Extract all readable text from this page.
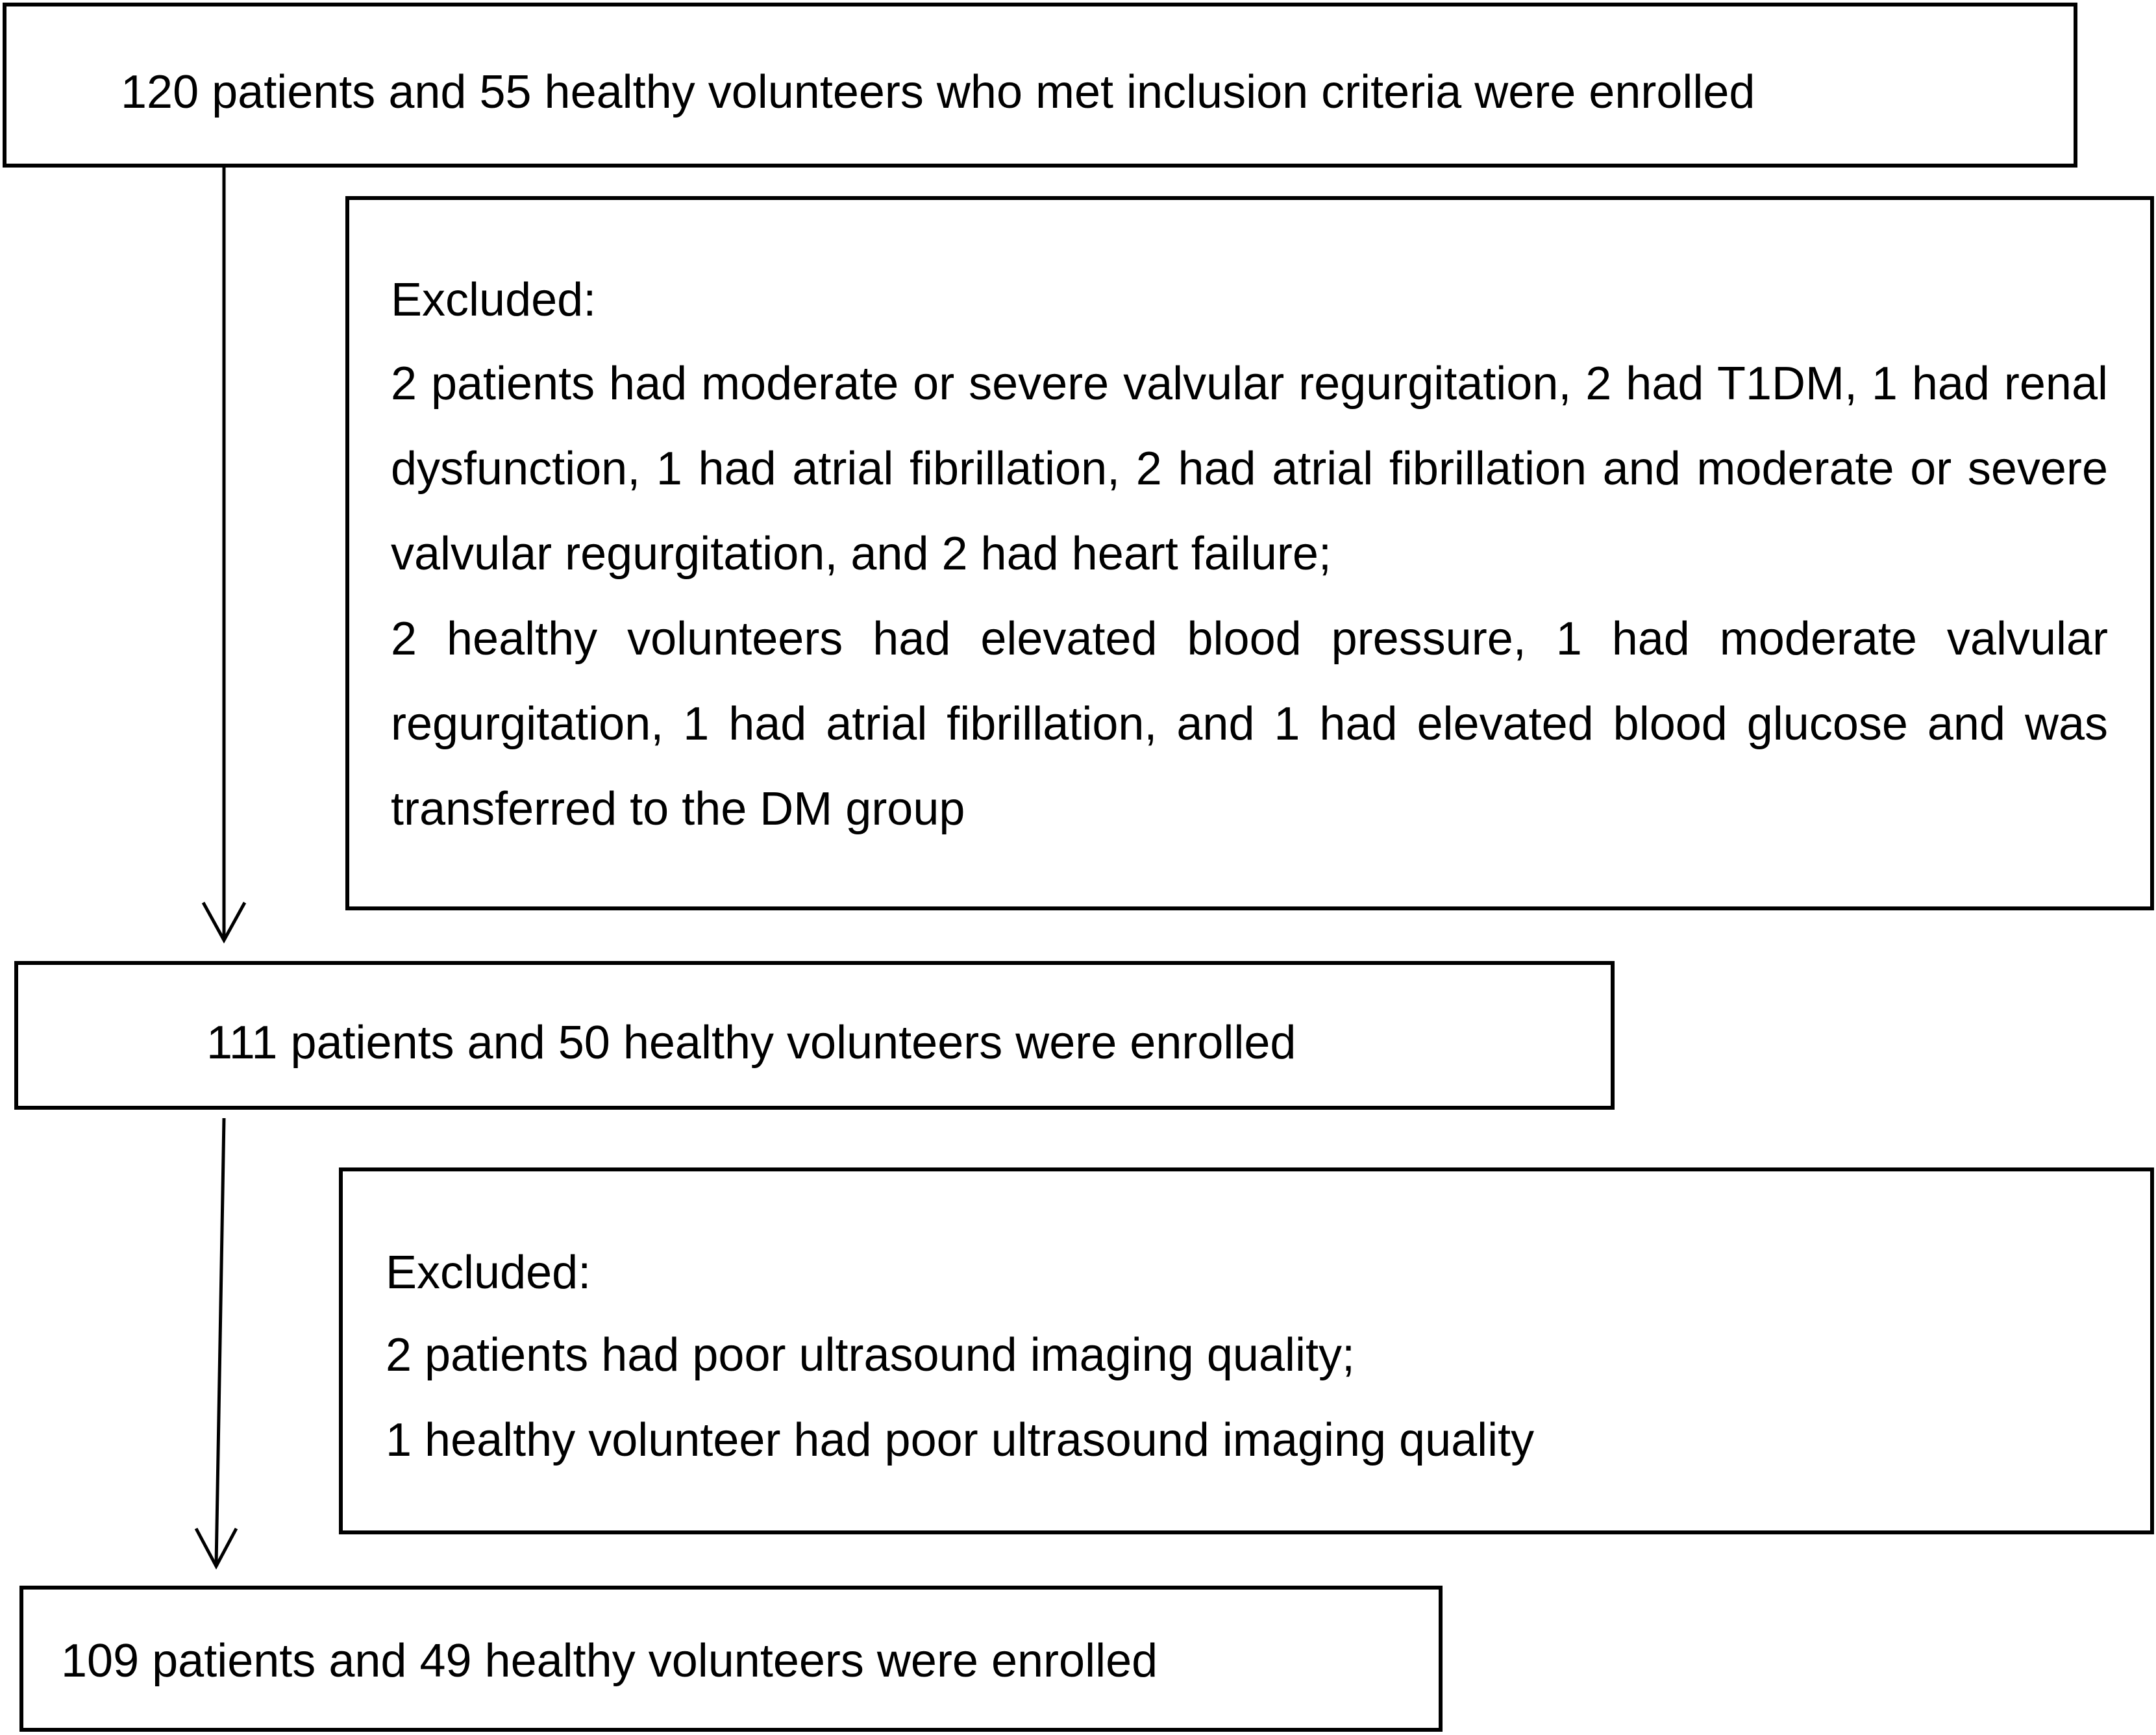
120 patients and 55 healthy volunteers who met inclusion criteria were enrolled
Excluded:

2 patients had moderate or severe valvular regurgitation, 2 had T1DM, 1 had renal dysfunction, 1 had atrial fibrillation, 2 had atrial fibrillation and moderate or severe valvular regurgitation, and 2 had heart failure;

2 healthy volunteers had elevated blood pressure, 1 had moderate valvular regurgitation, 1 had atrial fibrillation, and 1 had elevated blood glucose and was transferred to the DM group

111 patients and 50 healthy volunteers were enrolled
Excluded:

2 patients had poor ultrasound imaging quality;

1 healthy volunteer had poor ultrasound imaging quality

109 patients and 49 healthy volunteers were enrolled
